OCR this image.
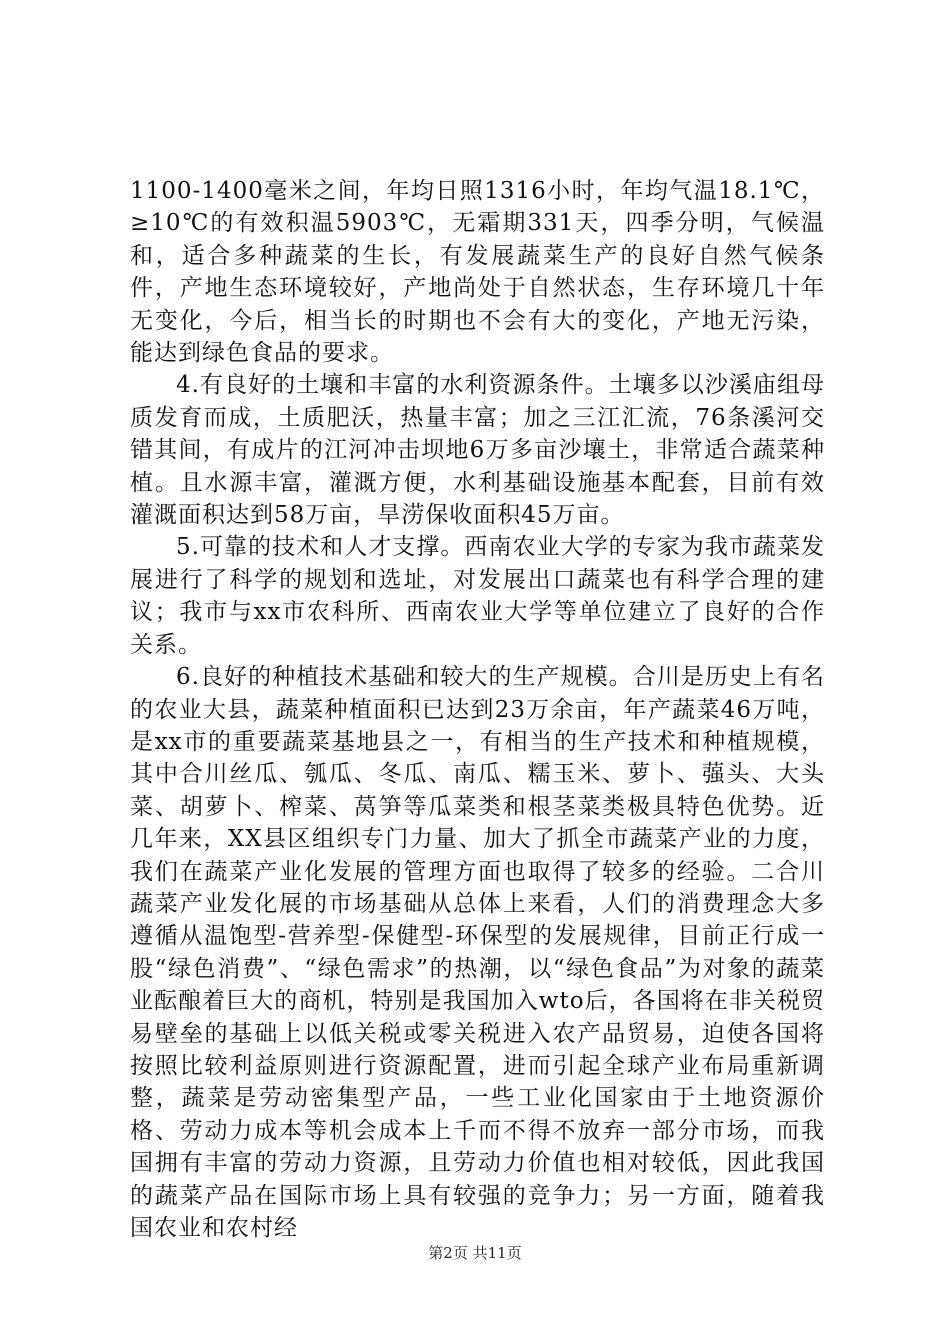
1100-1400毫米之间，年均日照1316小时，年均气温18.1℃，≥10℃的有效积温5903℃，无霜期331天，四季分明，气候温和，适合多种蔬菜的生长，有发展蔬菜生产的良好自然气候条件，产地生态环境较好，产地尚处于自然状态，生存环境几十年无变化，今后，相当长的时期也不会有大的变化，产地无污染，能达到绿色食品的要求。

4.有良好的土壤和丰富的水利资源条件。土壤多以沙溪庙组母质发育而成，土质肥沃，热量丰富；加之三江汇流，76条溪河交错其间，有成片的江河冲击坝地6万多亩沙壤土，非常适合蔬菜种植。且水源丰富，灌溉方便，水利基础设施基本配套，目前有效灌溉面积达到58万亩，旱涝保收面积45万亩。

5.可靠的技术和人才支撑。西南农业大学的专家为我市蔬菜发展进行了科学的规划和选址，对发展出口蔬菜也有科学合理的建议；我市与xx市农科所、西南农业大学等单位建立了良好的合作关系。

6.良好的种植技术基础和较大的生产规模。合川是历史上有名的农业大县，蔬菜种植面积已达到23万余亩，年产蔬菜46万吨，是xx市的重要蔬菜基地县之一，有相当的生产技术和种植规模，其中合川丝瓜、瓠瓜、冬瓜、南瓜、糯玉米、萝卜、蔃头、大头菜、胡萝卜、榨菜、莴笋等瓜菜类和根茎菜类极具特色优势。近几年来，XX县区组织专门力量、加大了抓全市蔬菜产业的力度，我们在蔬菜产业化发展的管理方面也取得了较多的经验。二合川蔬菜产业发化展的市场基础从总体上来看，人们的消费理念大多遵循从温饱型-营养型-保健型-环保型的发展规律，目前正行成一股“绿色消费”、“绿色需求”的热潮，以“绿色食品”为对象的蔬菜业酝酿着巨大的商机，特别是我国加入wto后，各国将在非关税贸易壁垒的基础上以低关税或零关税进入农产品贸易，迫使各国将按照比较利益原则进行资源配置，进而引起全球产业布局重新调整，蔬菜是劳动密集型产品，一些工业化国家由于土地资源价格、劳动力成本等机会成本上千而不得不放弃一部分市场，而我国拥有丰富的劳动力资源，且劳动力价值也相对较低，因此我国的蔬菜产品在国际市场上具有较强的竞争力；另一方面，随着我国农业和农村经

第2页 共11页
